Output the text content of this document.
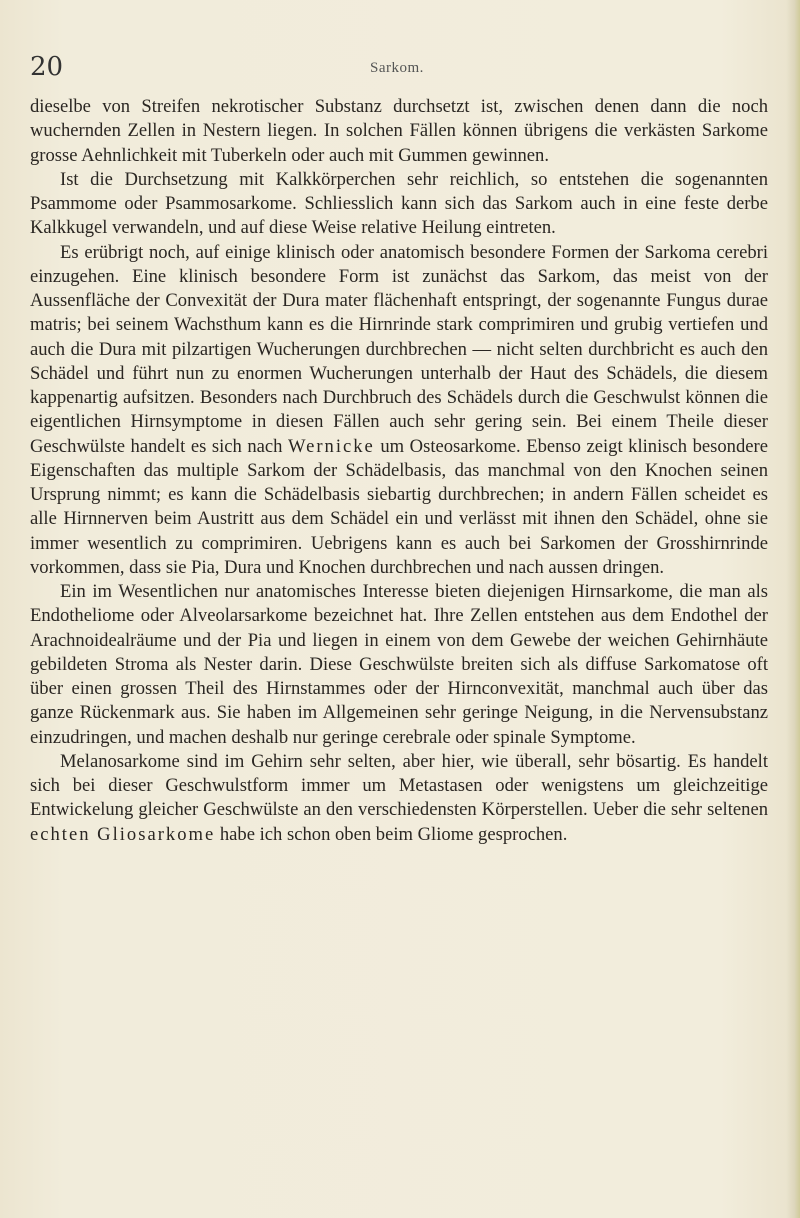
20	Sarkom.

dieselbe von Streifen nekrotischer Substanz durchsetzt ist, zwischen denen dann die noch wuchernden Zellen in Nestern liegen. In solchen Fällen können übrigens die verkästen Sarkome grosse Aehnlichkeit mit Tuberkeln oder auch mit Gummen gewinnen.

Ist die Durchsetzung mit Kalkkörperchen sehr reichlich, so entstehen die sogenannten Psammome oder Psammosarkome. Schliesslich kann sich das Sarkom auch in eine feste derbe Kalkkugel verwandeln, und auf diese Weise relative Heilung eintreten.

Es erübrigt noch, auf einige klinisch oder anatomisch besondere Formen der Sarkoma cerebri einzugehen. Eine klinisch besondere Form ist zunächst das Sarkom, das meist von der Aussenfläche der Convexität der Dura mater flächenhaft entspringt, der sogenannte Fungus durae matris; bei seinem Wachsthum kann es die Hirnrinde stark comprimiren und grubig vertiefen und auch die Dura mit pilzartigen Wucherungen durchbrechen — nicht selten durchbricht es auch den Schädel und führt nun zu enormen Wucherungen unterhalb der Haut des Schädels, die diesem kappenartig aufsitzen. Besonders nach Durchbruch des Schädels durch die Geschwulst können die eigentlichen Hirnsymptome in diesen Fällen auch sehr gering sein. Bei einem Theile dieser Geschwülste handelt es sich nach Wernicke um Osteosarkome. Ebenso zeigt klinisch besondere Eigenschaften das multiple Sarkom der Schädelbasis, das manchmal von den Knochen seinen Ursprung nimmt; es kann die Schädelbasis siebartig durchbrechen; in andern Fällen scheidet es alle Hirnnerven beim Austritt aus dem Schädel ein und verlässt mit ihnen den Schädel, ohne sie immer wesentlich zu comprimiren. Uebrigens kann es auch bei Sarkomen der Grosshirnrinde vorkommen, dass sie Pia, Dura und Knochen durchbrechen und nach aussen dringen.

Ein im Wesentlichen nur anatomisches Interesse bieten diejenigen Hirnsarkome, die man als Endotheliome oder Alveolarsarkome bezeichnet hat. Ihre Zellen entstehen aus dem Endothel der Arachnoidealräume und der Pia und liegen in einem von dem Gewebe der weichen Gehirnhäute gebildeten Stroma als Nester darin. Diese Geschwülste breiten sich als diffuse Sarkomatose oft über einen grossen Theil des Hirnstammes oder der Hirnconvexität, manchmal auch über das ganze Rückenmark aus. Sie haben im Allgemeinen sehr geringe Neigung, in die Nervensubstanz einzudringen, und machen deshalb nur geringe cerebrale oder spinale Symptome.

Melanosarkome sind im Gehirn sehr selten, aber hier, wie überall, sehr bösartig. Es handelt sich bei dieser Geschwulstform immer um Metastasen oder wenigstens um gleichzeitige Entwickelung gleicher Geschwülste an den verschiedensten Körperstellen. Ueber die sehr seltenen echten Gliosarkome habe ich schon oben beim Gliome gesprochen.
